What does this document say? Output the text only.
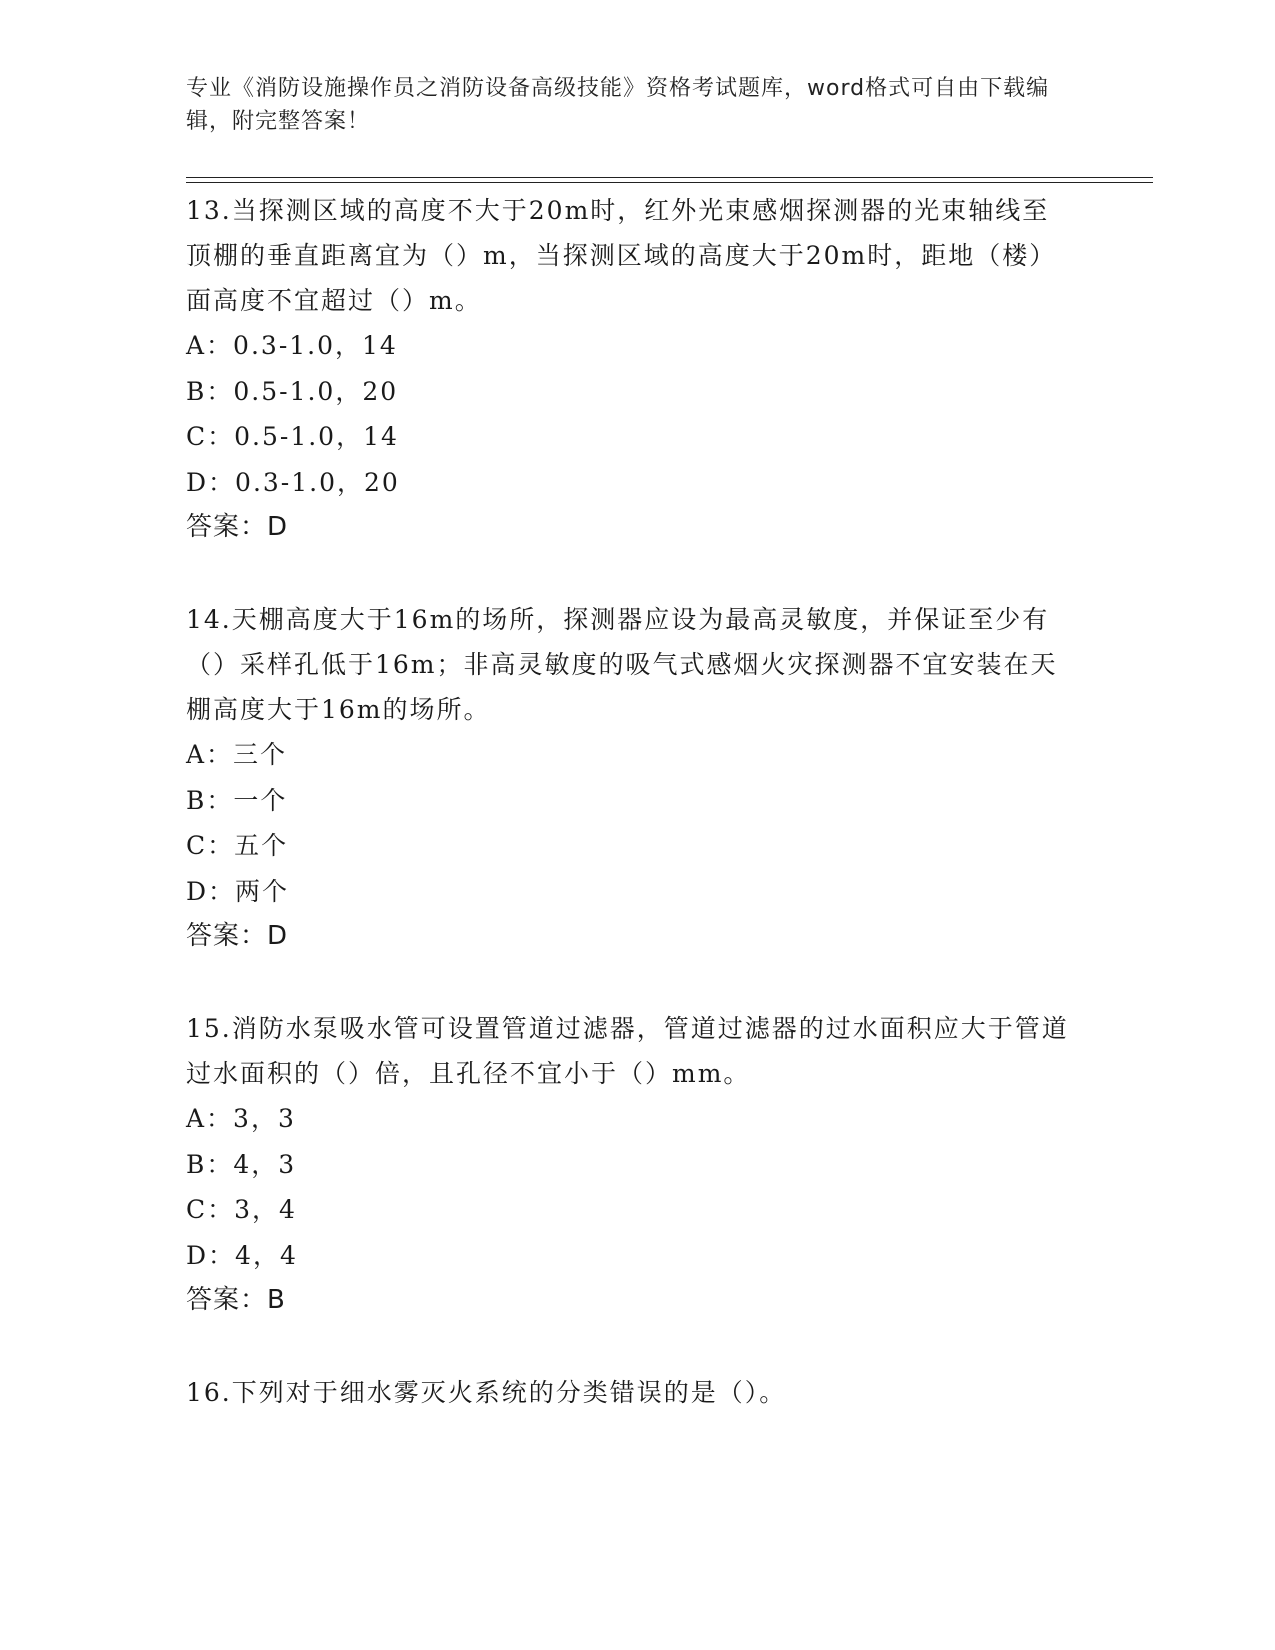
专业《消防设施操作员之消防设备高级技能》资格考试题库，word格式可自由下载编辑，附完整答案！
13.当探测区域的高度不大于20m时，红外光束感烟探测器的光束轴线至顶棚的垂直距离宜为（）m，当探测区域的高度大于20m时，距地（楼）面高度不宜超过（）m。
A：0.3-1.0，14
B：0.5-1.0，20
C：0.5-1.0，14
D：0.3-1.0，20
答案：D
14.天棚高度大于16m的场所，探测器应设为最高灵敏度，并保证至少有（）采样孔低于16m；非高灵敏度的吸气式感烟火灾探测器不宜安装在天棚高度大于16m的场所。
A：三个
B：一个
C：五个
D：两个
答案：D
15.消防水泵吸水管可设置管道过滤器，管道过滤器的过水面积应大于管道过水面积的（）倍，且孔径不宜小于（）mm。
A：3，3
B：4，3
C：3，4
D：4，4
答案：B
16.下列对于细水雾灭火系统的分类错误的是（）。
